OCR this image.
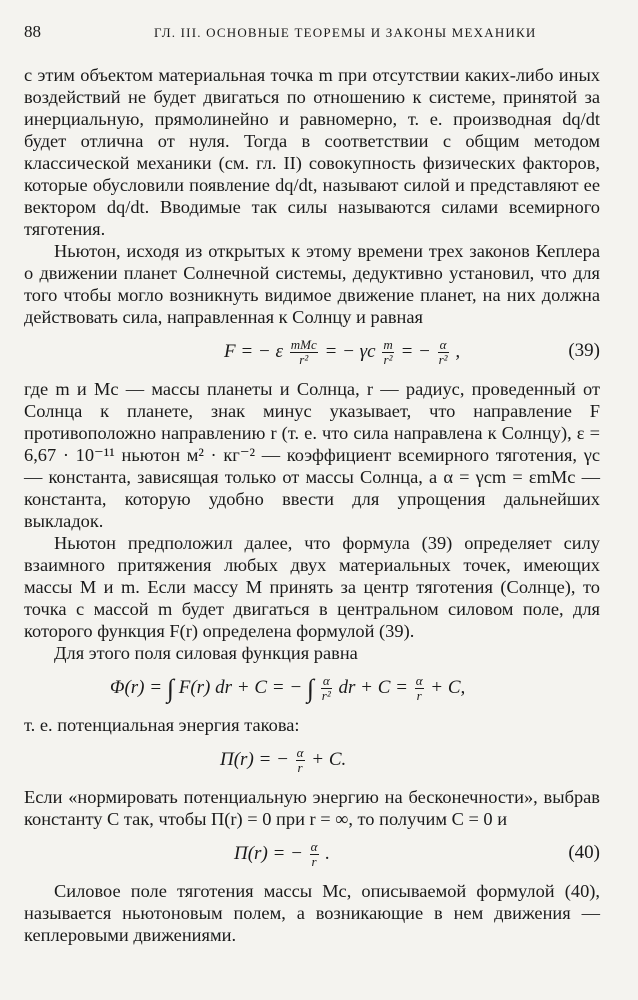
88	ГЛ. III. ОСНОВНЫЕ ТЕОРЕМЫ И ЗАКОНЫ МЕХАНИКИ

с этим объектом материальная точка m при отсутствии каких-либо иных воздействий не будет двигаться по отношению к системе, принятой за инерциальную, прямолинейно и равномерно, т. е. производная dq/dt будет отлична от нуля. Тогда в соответствии с общим методом классической механики (см. гл. II) совокупность физических факторов, которые обусловили появление dq/dt, называют силой и представляют ее вектором dq/dt. Вводимые так силы называются силами всемирного тяготения.

Ньютон, исходя из открытых к этому времени трех законов Кеплера о движении планет Солнечной системы, дедуктивно установил, что для того чтобы могло возникнуть видимое движение планет, на них должна действовать сила, направленная к Солнцу и равная

F = − ε $\frac{\text{mMс}}{\text{r²}}$ = − γс $\frac{m}{\text{r²}}$ = − $\frac{\alpha}{\text{r²}}$ ,	(39)

где m и Mс — массы планеты и Солнца, r — радиус, проведенный от Солнца к планете, знак минус указывает, что направление F противоположно направлению r (т. е. что сила направлена к Солнцу), ε = 6,67 · 10⁻¹¹ ньютон м² · кг⁻² — коэффициент всемирного тяготения, γс — константа, зависящая только от массы Солнца, а α = γсm = εmMс — константа, которую удобно ввести для упрощения дальнейших выкладок.

Ньютон предположил далее, что формула (39) определяет силу взаимного притяжения любых двух материальных точек, имеющих массы M и m. Если массу M принять за центр тяготения (Солнце), то точка с массой m будет двигаться в центральном силовом поле, для которого функция F(r) определена формулой (39).

Для этого поля силовая функция равна

Φ(r) = ∫ F(r) dr + C = − ∫ $\frac{\alpha}{\text{r²}}$ dr + $C = \frac{\alpha}{r} + C$,

т. е. потенциальная энергия такова:

Π(r) = − $\frac{\alpha}{r} + C$.

Если «нормировать потенциальную энергию на бесконечности», выбрав константу C так, чтобы Π(r) = 0 при r = ∞, то получим C = 0 и

Π(r) = − $\frac{\alpha}{r}$ .	(40)

Силовое поле тяготения массы Mс, описываемой формулой (40), называется ньютоновым полем, а возникающие в нем движения — кеплеровыми движениями.
